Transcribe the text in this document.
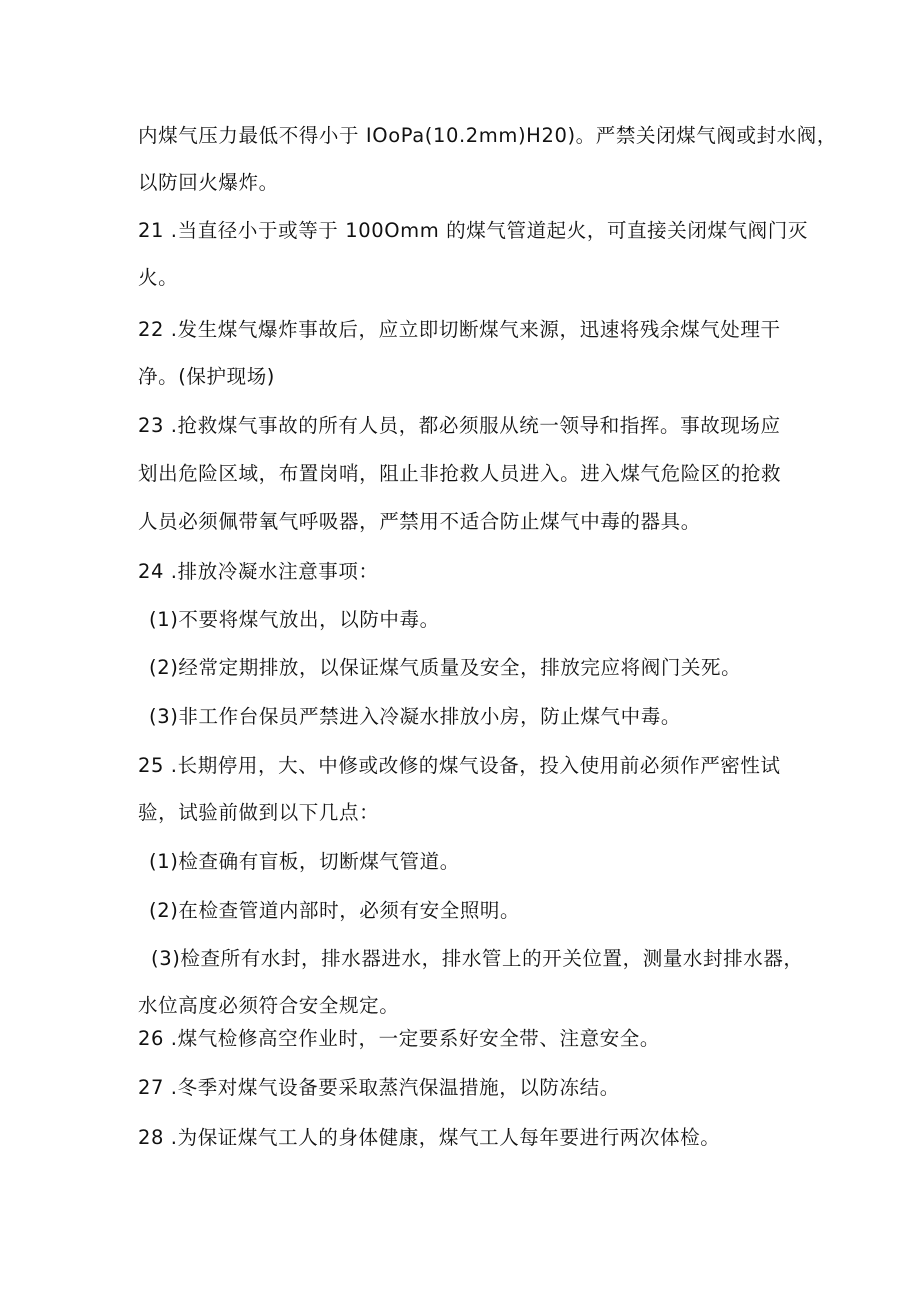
内煤气压力最低不得小于 IOoPa(10.2mm)H20)。严禁关闭煤气阀或封水阀，
以防回火爆炸。
21 .当直径小于或等于 100Omm 的煤气管道起火，可直接关闭煤气阀门灭
火。
22 .发生煤气爆炸事故后，应立即切断煤气来源，迅速将残余煤气处理干
净。(保护现场)
23 .抢救煤气事故的所有人员，都必须服从统一领导和指挥。事故现场应
划出危险区域，布置岗哨，阻止非抢救人员进入。进入煤气危险区的抢救
人员必须佩带氧气呼吸器，严禁用不适合防止煤气中毒的器具。
24 .排放冷凝水注意事项：
(1)不要将煤气放出，以防中毒。
(2)经常定期排放，以保证煤气质量及安全，排放完应将阀门关死。
(3)非工作台保员严禁进入冷凝水排放小房，防止煤气中毒。
25 .长期停用，大、中修或改修的煤气设备，投入使用前必须作严密性试
验，试验前做到以下几点：
(1)检查确有盲板，切断煤气管道。
(2)在检查管道内部时，必须有安全照明。
(3)检查所有水封，排水器进水，排水管上的开关位置，测量水封排水器，
水位高度必须符合安全规定。
26 .煤气检修高空作业时，一定要系好安全带、注意安全。
27 .冬季对煤气设备要采取蒸汽保温措施，以防冻结。
28 .为保证煤气工人的身体健康，煤气工人每年要进行两次体检。
